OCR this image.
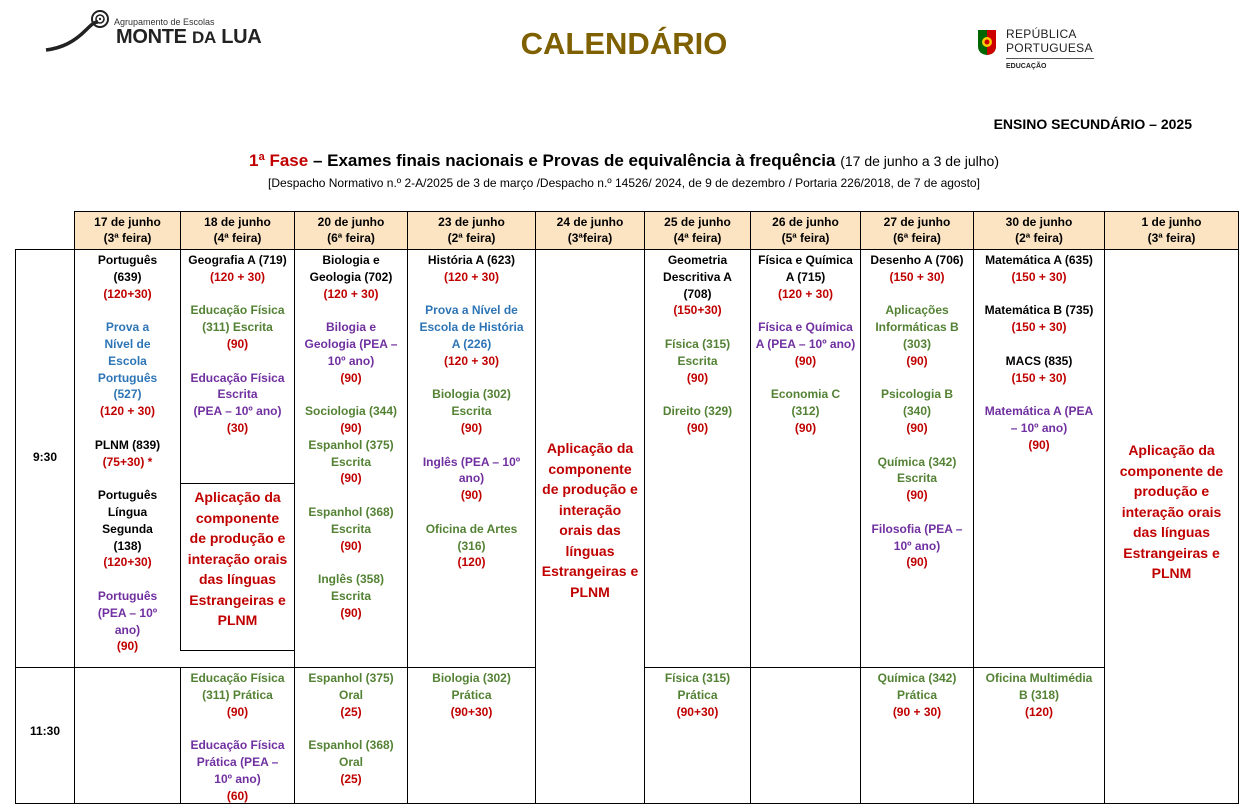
Agrupamento de Escolas
MONTE DA LUA	CALENDÁRIO	REPÚBLICA
PORTUGUESA
EDUCAÇÃO
ENSINO SECUNDÁRIO – 2025
1ª Fase – Exames finais nacionais e Provas de equivalência à frequência (17 de junho a 3 de julho)
[Despacho Normativo n.º 2-A/2025 de 3 de março /Despacho n.º 14526/ 2024, de 9 de dezembro / Portaria 226/2018, de 7 de agosto]
17 de junho
(3ª feira)
18 de junho
(4ª feira)
20 de junho
(6ª feira)
23 de junho
(2ª feira)
24 de junho
(3ªfeira)
25 de junho
(4ª feira)
26 de junho
(5ª feira)
27 de junho
(6ª feira)
30 de junho
(2ª feira)
1 de junho
(3ª feira)
9:30
11:30
Português (639)
(120+30)
Prova a Nível de Escola Português (527)
(120 + 30)
PLNM (839)
(75+30) *
Português Língua Segunda (138)
(120+30)
Português (PEA – 10º ano)
(90)
Geografia A (719)
(120 + 30)
Educação Física (311) Escrita
(90)
Educação Física Escrita
(PEA – 10º ano)
(30)
Biologia e Geologia (702)
(120 + 30)
Bilogia e Geologia (PEA – 10º ano)
(90)
Sociologia (344)
(90)
Espanhol (375) Escrita
(90)
Espanhol (368) Escrita
(90)
Inglês (358) Escrita
(90)
História A (623)
(120 + 30)
Prova a Nível de Escola de História A (226)
(120 + 30)
Biologia (302) Escrita
(90)
Inglês (PEA – 10º ano)
(90)
Oficina de Artes (316)
(120)
Geometria Descritiva A (708)
(150+30)
Física (315) Escrita
(90)
Direito (329)
(90)
Física e Química A (715)
(120 + 30)
Física e Química A (PEA – 10º ano)
(90)
Economia C (312)
(90)
Desenho A (706)
(150 + 30)
Aplicações Informáticas B (303)
(90)
Psicologia B (340)
(90)
Química (342) Escrita
(90)
Filosofia (PEA – 10º ano)
(90)
Matemática A (635)
(150 + 30)
Matemática B (735)
(150 + 30)
MACS (835)
(150 + 30)
Matemática A (PEA – 10º ano)
(90)
Aplicação da componente de produção e interação orais das línguas Estrangeiras e PLNM
Aplicação da componente de produção e interação orais das línguas Estrangeiras e PLNM
Aplicação da componente de produção e interação orais das línguas Estrangeiras e PLNM
Educação Física (311) Prática
(90)
Educação Física Prática (PEA – 10º ano)
(60)
Espanhol (375) Oral
(25)
Espanhol (368) Oral
(25)
Biologia (302) Prática
(90+30)
Física (315) Prática
(90+30)
Química (342) Prática
(90 + 30)
Oficina Multimédia B (318)
(120)
